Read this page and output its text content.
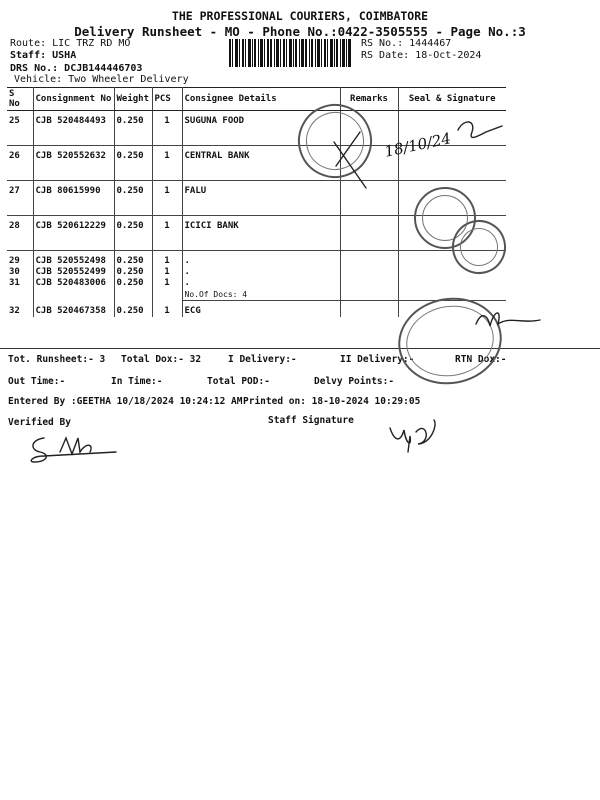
THE PROFESSIONAL COURIERS, COIMBATORE
Delivery Runsheet - MO - Phone No.:0422-3505555 - Page No.:3
Route: LIC TRZ RD MO
Staff: USHA
DRS No.: DCJB144446703
Vehicle: Two Wheeler Delivery
RS No.: 1444467
RS Date: 18-Oct-2024
S No	Consignment No	Weight	PCS	Consignee Details	Remarks	Seal & Signature
25	CJB 520484493	0.250	1	SUGUNA FOOD		
26	CJB 520552632	0.250	1	CENTRAL BANK		
27	CJB 80615990	0.250	1	FALU		
28	CJB 520612229	0.250	1	ICICI BANK		
29	CJB 520552498	0.250	1	.		
30	CJB 520552499	0.250	1	.		
31	CJB 520483006	0.250	1	.		
				No.Of Docs: 4		
32	CJB 520467358	0.250	1	ECG		
Tot. Runsheet:- 3 Total Dox:- 32	I Delivery:-	II Delivery:-	RTN Dox:-
Out Time:-	In Time:-	Total POD:-	Delvy Points:-
Entered By :GEETHA 10/18/2024 10:24:12 AM Printed on: 18-10-2024 10:29:05
Verified By	Staff Signature
18/10/24
